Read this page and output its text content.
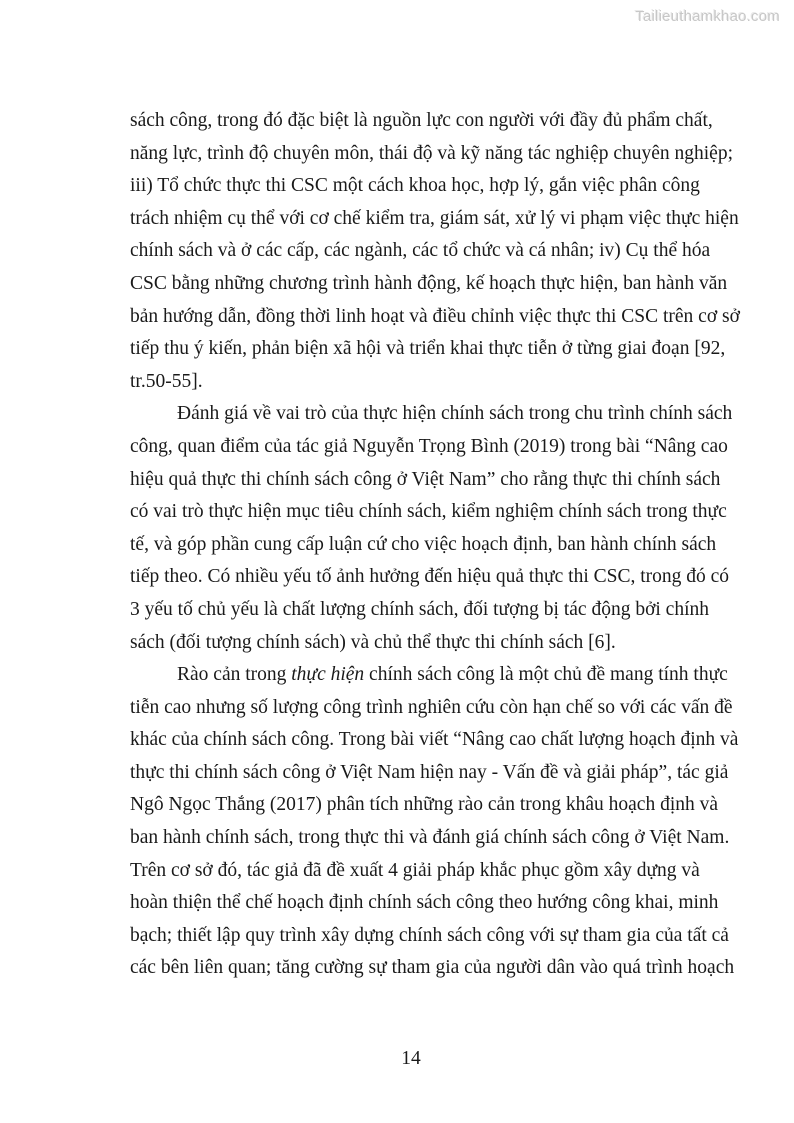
Tailieuthamkhao.com
sách công, trong đó đặc biệt là nguồn lực con người với đầy đủ phẩm chất,
năng lực, trình độ chuyên môn, thái độ và kỹ năng tác nghiệp chuyên nghiệp;
iii) Tổ chức thực thi CSC một cách khoa học, hợp lý, gắn việc phân công
trách nhiệm cụ thể với cơ chế kiểm tra, giám sát, xử lý vi phạm việc thực hiện
chính sách và ở các cấp, các ngành, các tổ chức và cá nhân; iv) Cụ thể hóa
CSC bằng những chương trình hành động, kế hoạch thực hiện, ban hành văn
bản hướng dẫn, đồng thời linh hoạt và điều chỉnh việc thực thi CSC trên cơ sở
tiếp thu ý kiến, phản biện xã hội và triển khai thực tiễn ở từng giai đoạn [92,
tr.50-55].
Đánh giá về vai trò của thực hiện chính sách trong chu trình chính sách
công, quan điểm của tác giả Nguyễn Trọng Bình (2019) trong bài “Nâng cao
hiệu quả thực thi chính sách công ở Việt Nam” cho rằng thực thi chính sách
có vai trò thực hiện mục tiêu chính sách, kiểm nghiệm chính sách trong thực
tế, và góp phần cung cấp luận cứ cho việc hoạch định, ban hành chính sách
tiếp theo. Có nhiều yếu tố ảnh hưởng đến hiệu quả thực thi CSC, trong đó có
3 yếu tố chủ yếu là chất lượng chính sách, đối tượng bị tác động bởi chính
sách (đối tượng chính sách) và chủ thể thực thi chính sách [6].
Rào cản trong thực hiện chính sách công là một chủ đề mang tính thực
tiễn cao nhưng số lượng công trình nghiên cứu còn hạn chế so với các vấn đề
khác của chính sách công. Trong bài viết “Nâng cao chất lượng hoạch định và
thực thi chính sách công ở Việt Nam hiện nay - Vấn đề và giải pháp”, tác giả
Ngô Ngọc Thắng (2017) phân tích những rào cản trong khâu hoạch định và
ban hành chính sách, trong thực thi và đánh giá chính sách công ở Việt Nam.
Trên cơ sở đó, tác giả đã đề xuất 4 giải pháp khắc phục gồm xây dựng và
hoàn thiện thể chế hoạch định chính sách công theo hướng công khai, minh
bạch; thiết lập quy trình xây dựng chính sách công với sự tham gia của tất cả
các bên liên quan; tăng cường sự tham gia của người dân vào quá trình hoạch
14
